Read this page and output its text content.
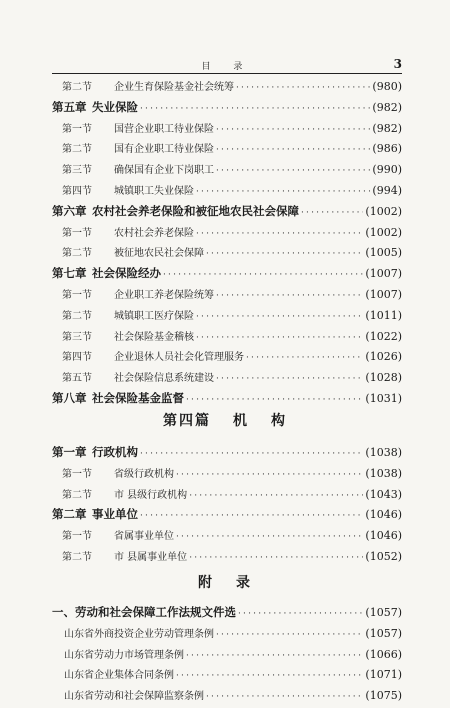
目 录	3
第二节 企业生育保险基金社会统筹 ·····	(980)
第五章 失业保险 ·····	(982)
第一节 国营企业职工待业保险 ·····	(982)
第二节 国有企业职工待业保险 ·····	(986)
第三节 确保国有企业下岗职工 ·····	(990)
第四节 城镇职工失业保险 ·····	(994)
第六章 农村社会养老保险和被征地农民社会保障 ·····	(1002)
第一节 农村社会养老保险 ·····	(1002)
第二节 被征地农民社会保障 ·····	(1005)
第七章 社会保险经办 ·····	(1007)
第一节 企业职工养老保险统筹 ·····	(1007)
第二节 城镇职工医疗保险 ·····	(1011)
第三节 社会保险基金稽核 ·····	(1022)
第四节 企业退休人员社会化管理服务 ·····	(1026)
第五节 社会保险信息系统建设 ·····	(1028)
第八章 社会保险基金监督 ·····	(1031)
第四篇 机 构
第一章 行政机构 ·····	(1038)
第一节 省级行政机构 ·····	(1038)
第二节 市 县级行政机构 ·····	(1043)
第二章 事业单位 ·····	(1046)
第一节 省属事业单位 ·····	(1046)
第二节 市 县属事业单位 ·····	(1052)
附 录
一、劳动和社会保障工作法规文件选 ·····	(1057)
山东省外商投资企业劳动管理条例 ·····	(1057)
山东省劳动力市场管理条例 ·····	(1066)
山东省企业集体合同条例 ·····	(1071)
山东省劳动和社会保障监察条例 ·····	(1075)
